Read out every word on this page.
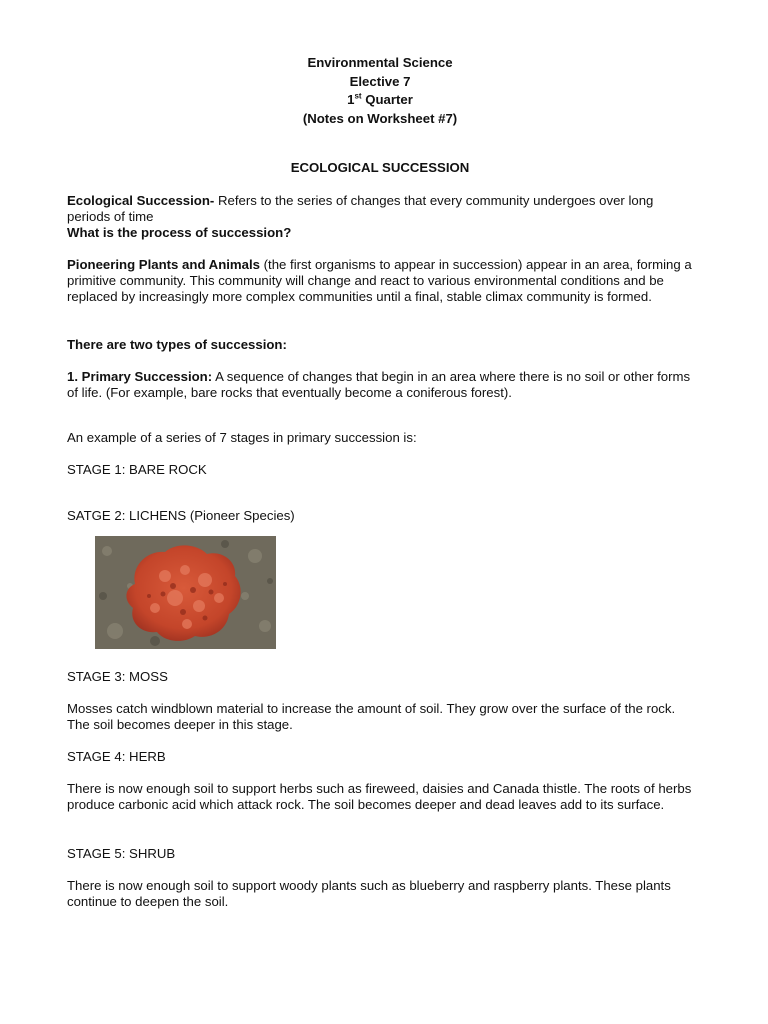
Environmental Science

Elective 7

1st Quarter

(Notes on Worksheet #7)

ECOLOGICAL SUCCESSION

Ecological Succession- Refers to the series of changes that every community undergoes over long periods of time

What is the process of succession?

Pioneering Plants and Animals (the first organisms to appear in succession) appear in an area, forming a primitive community. This community will change and react to various environmental conditions and be replaced by increasingly more complex communities until a final, stable climax community is formed.

There are two types of succession:

1. Primary Succession: A sequence of changes that begin in an area where there is no soil or other forms of life. (For example, bare rocks that eventually become a coniferous forest).

An example of a series of 7 stages in primary succession is:

STAGE 1: BARE ROCK

SATGE 2: LICHENS (Pioneer Species)

STAGE 3: MOSS

Mosses catch windblown material to increase the amount of soil. They grow over the surface of the rock. The soil becomes deeper in this stage.

STAGE 4: HERB

There is now enough soil to support herbs such as fireweed, daisies and Canada thistle. The roots of herbs produce carbonic acid which attack rock. The soil becomes deeper and dead leaves add to its surface.

STAGE 5: SHRUB

There is now enough soil to support woody plants such as blueberry and raspberry plants. These plants continue to deepen the soil.
